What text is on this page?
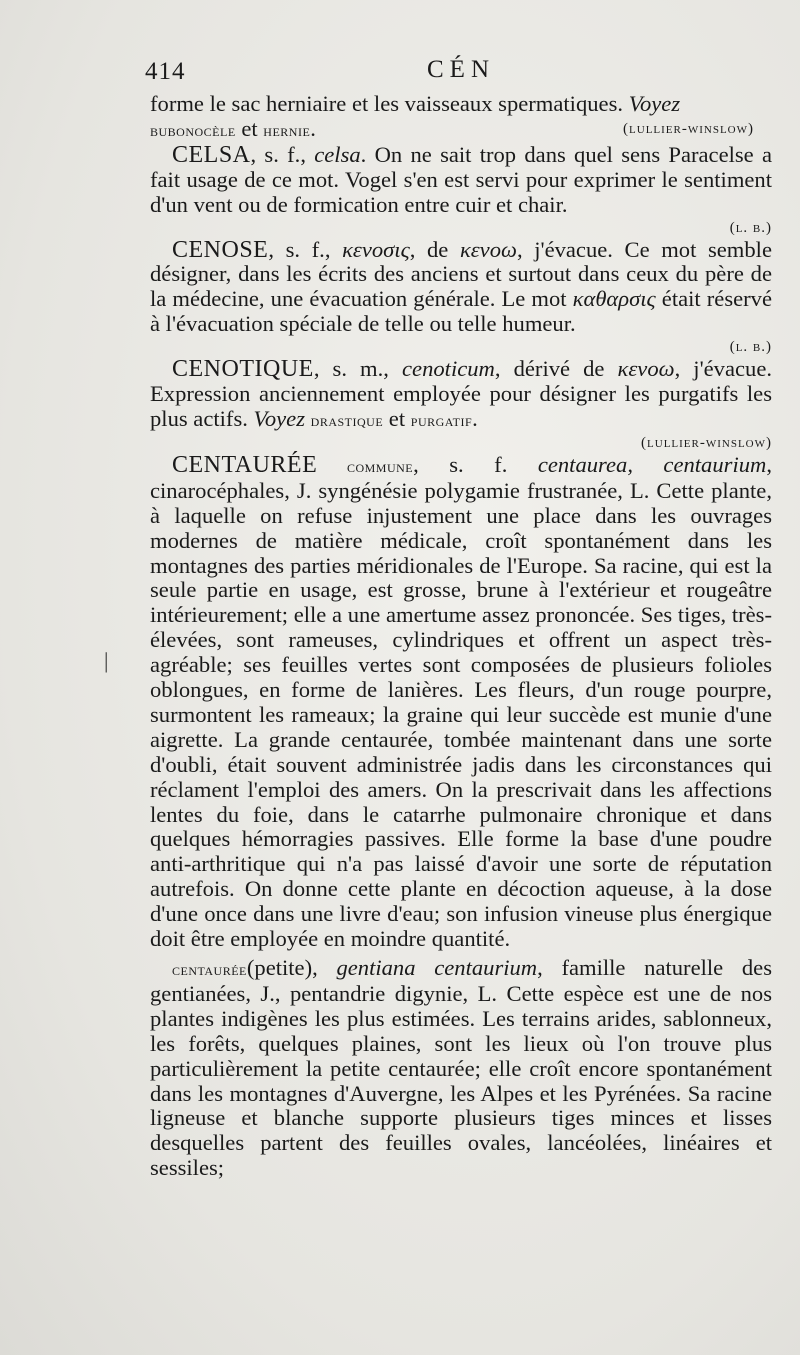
414	CÉN

forme le sac herniaire et les vaisseaux spermatiques. Voyez
(lullier-winslow)

bubonocèle et hernie.

CELSA, s. f., celsa. On ne sait trop dans quel sens Paracelse a fait usage de ce mot. Vogel s'en est servi pour exprimer le sentiment d'un vent ou de formication entre cuir et chair.

(l. b.)

CENOSE, s. f., κενοσις, de κενοω, j'évacue. Ce mot semble désigner, dans les écrits des anciens et surtout dans ceux du père de la médecine, une évacuation générale. Le mot καθαρσις était réservé à l'évacuation spéciale de telle ou telle humeur.

(l. b.)

CENOTIQUE, s. m., cenoticum, dérivé de κενοω, j'évacue. Expression anciennement employée pour désigner les purgatifs les plus actifs. Voyez drastique et purgatif.

(lullier-winslow)

CENTAURÉE commune, s. f. centaurea, centaurium, cinarocéphales, J. syngénésie polygamie frustranée, L. Cette plante, à laquelle on refuse injustement une place dans les ouvrages modernes de matière médicale, croît spontanément dans les montagnes des parties méridionales de l'Europe. Sa racine, qui est la seule partie en usage, est grosse, brune à l'extérieur et rougeâtre intérieurement; elle a une amertume assez prononcée. Ses tiges, très-élevées, sont rameuses, cylindriques et offrent un aspect très-agréable; ses feuilles vertes sont composées de plusieurs folioles oblongues, en forme de lanières. Les fleurs, d'un rouge pourpre, surmontent les rameaux; la graine qui leur succède est munie d'une aigrette. La grande centaurée, tombée maintenant dans une sorte d'oubli, était souvent administrée jadis dans les circonstances qui réclament l'emploi des amers. On la prescrivait dans les affections lentes du foie, dans le catarrhe pulmonaire chronique et dans quelques hémorragies passives. Elle forme la base d'une poudre anti-arthritique qui n'a pas laissé d'avoir une sorte de réputation autrefois. On donne cette plante en décoction aqueuse, à la dose d'une once dans une livre d'eau; son infusion vineuse plus énergique doit être employée en moindre quantité.

centaurée(petite), gentiana centaurium, famille naturelle des gentianées, J., pentandrie digynie, L. Cette espèce est une de nos plantes indigènes les plus estimées. Les terrains arides, sablonneux, les forêts, quelques plaines, sont les lieux où l'on trouve plus particulièrement la petite centaurée; elle croît encore spontanément dans les montagnes d'Auvergne, les Alpes et les Pyrénées. Sa racine ligneuse et blanche supporte plusieurs tiges minces et lisses desquelles partent des feuilles ovales, lancéolées, linéaires et sessiles;

|
